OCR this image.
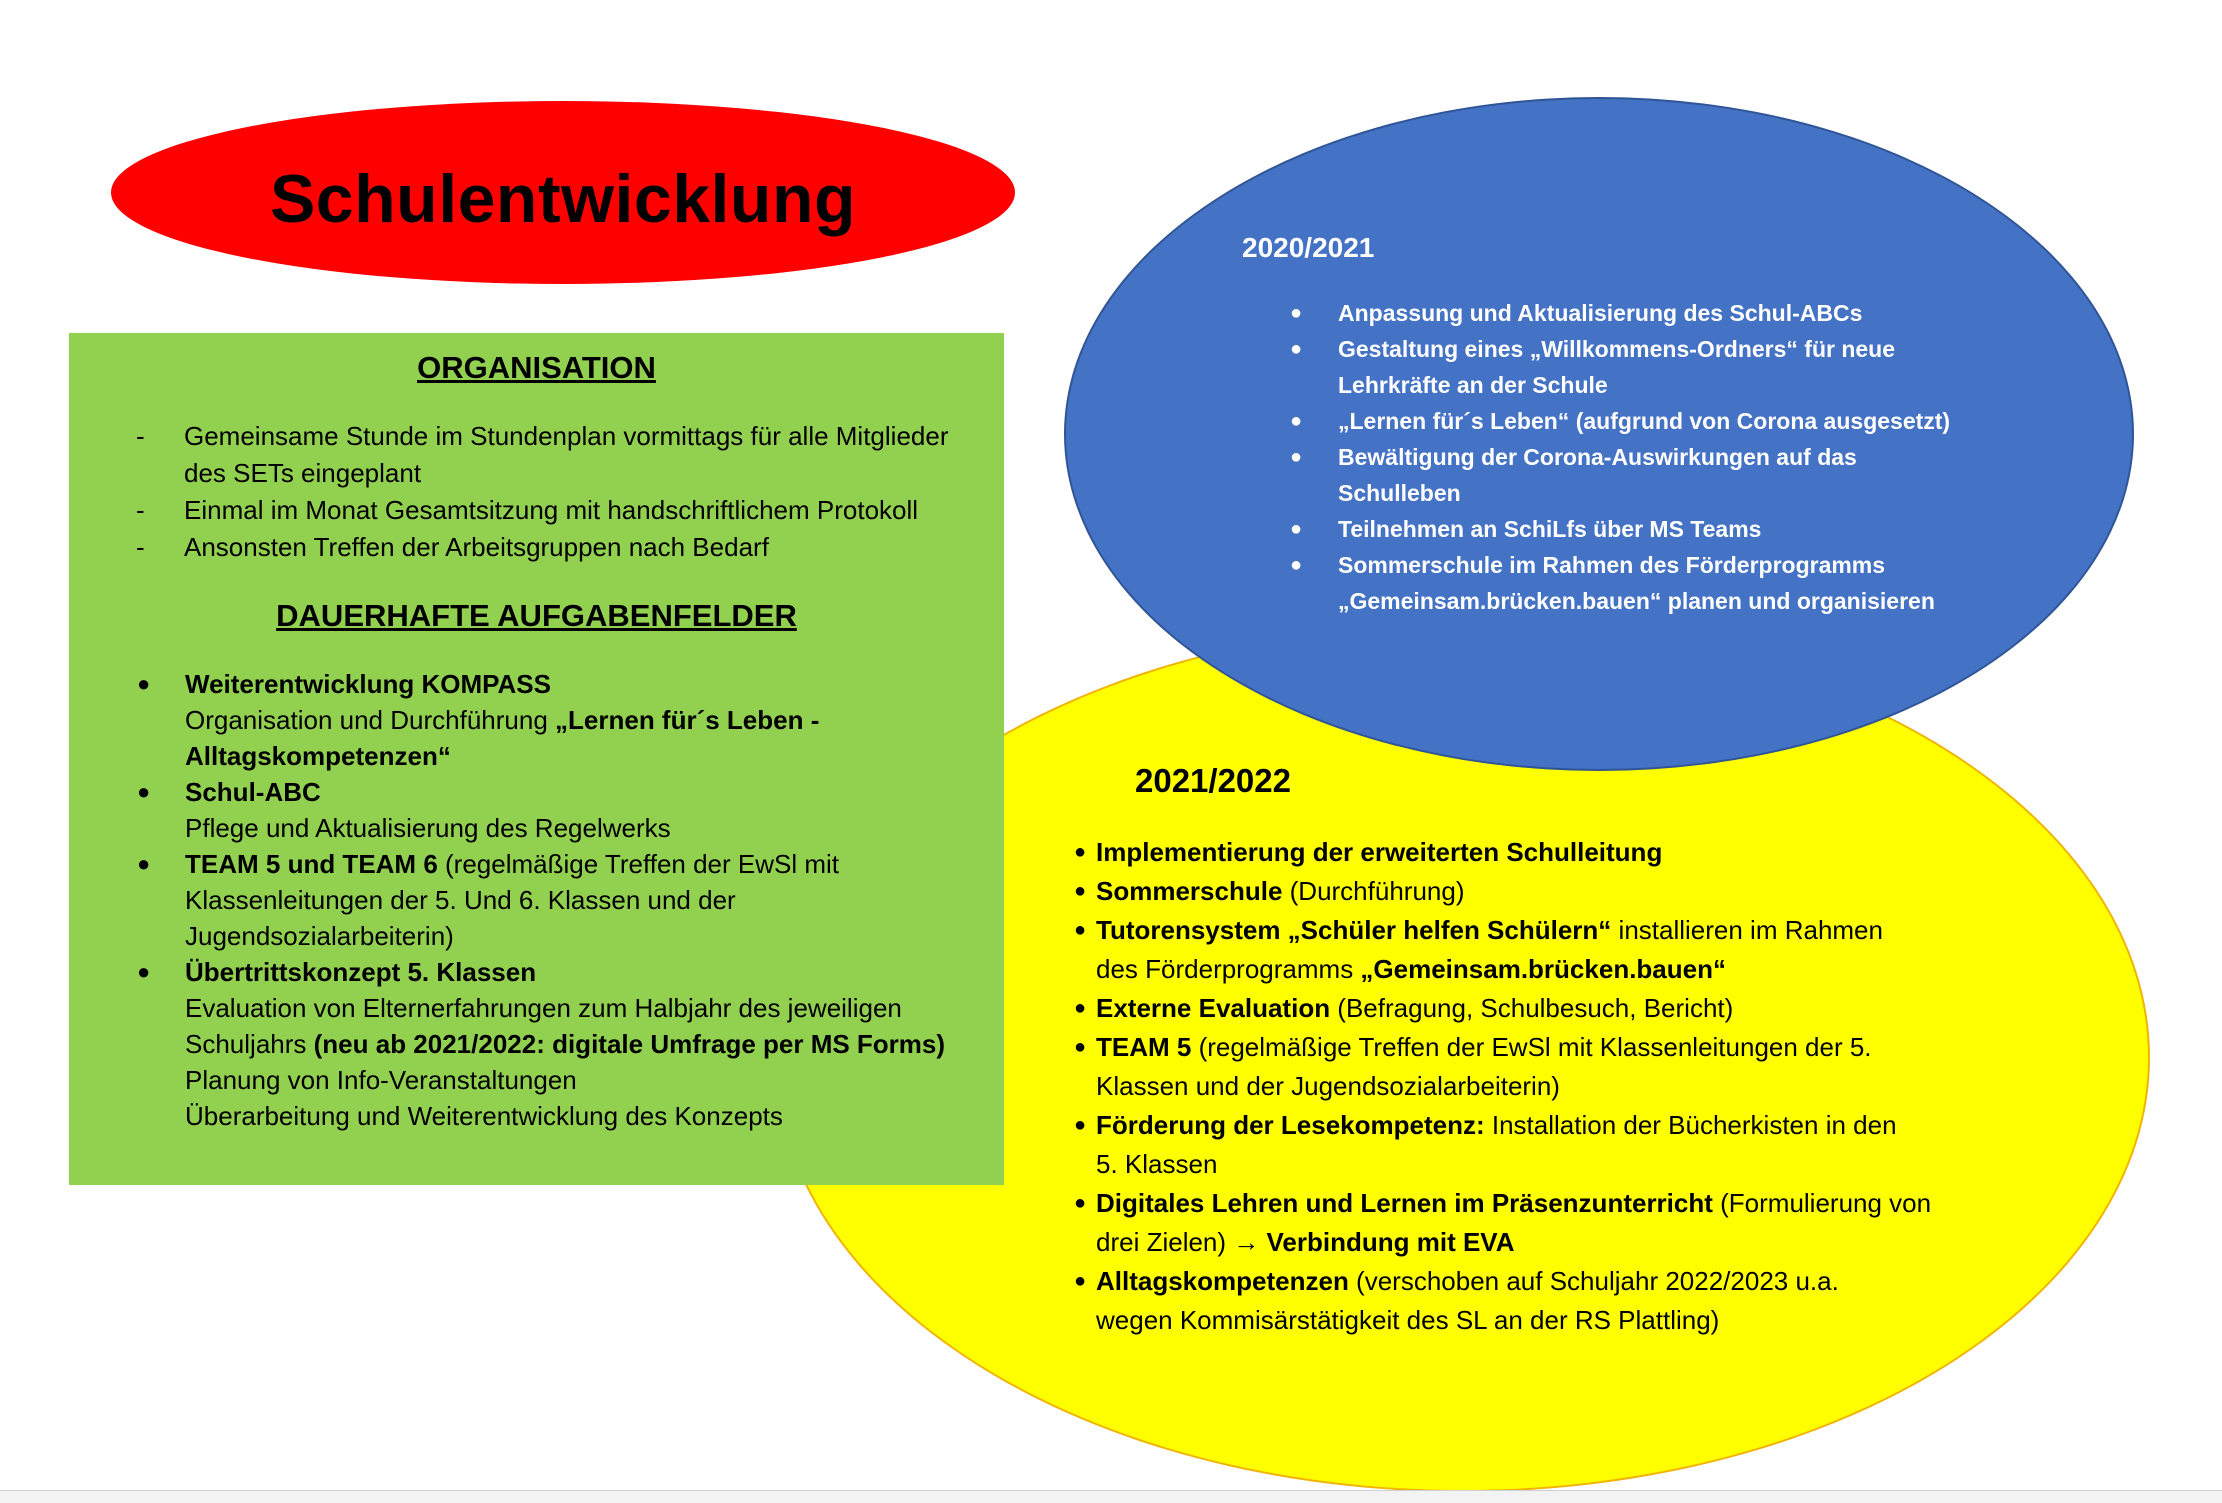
Schulentwicklung
ORGANISATION
- Gemeinsame Stunde im Stundenplan vormittags für alle Mitglieder
des SETs eingeplant
- Einmal im Monat Gesamtsitzung mit handschriftlichem Protokoll
- Ansonsten Treffen der Arbeitsgruppen nach Bedarf
DAUERHAFTE AUFGABENFELDER
● Weiterentwicklung KOMPASS
Organisation und Durchführung „Lernen für´s Leben -
Alltagskompetenzen“
● Schul-ABC
Pflege und Aktualisierung des Regelwerks
● TEAM 5 und TEAM 6 (regelmäßige Treffen der EwSl mit
Klassenleitungen der 5. Und 6. Klassen und der
Jugendsozialarbeiterin)
● Übertrittskonzept 5. Klassen
Evaluation von Elternerfahrungen zum Halbjahr des jeweiligen
Schuljahrs (neu ab 2021/2022: digitale Umfrage per MS Forms)
Planung von Info-Veranstaltungen
Überarbeitung und Weiterentwicklung des Konzepts
2020/2021
● Anpassung und Aktualisierung des Schul-ABCs
● Gestaltung eines „Willkommens-Ordners“ für neue
Lehrkräfte an der Schule
● „Lernen für´s Leben“ (aufgrund von Corona ausgesetzt)
● Bewältigung der Corona-Auswirkungen auf das
Schulleben
● Teilnehmen an SchiLfs über MS Teams
● Sommerschule im Rahmen des Förderprogramms
„Gemeinsam.brücken.bauen“ planen und organisieren
2021/2022
● Implementierung der erweiterten Schulleitung
● Sommerschule (Durchführung)
● Tutorensystem „Schüler helfen Schülern“ installieren im Rahmen
des Förderprogramms „Gemeinsam.brücken.bauen“
● Externe Evaluation (Befragung, Schulbesuch, Bericht)
● TEAM 5 (regelmäßige Treffen der EwSl mit Klassenleitungen der 5.
Klassen und der Jugendsozialarbeiterin)
● Förderung der Lesekompetenz: Installation der Bücherkisten in den
5. Klassen
● Digitales Lehren und Lernen im Präsenzunterricht (Formulierung von
drei Zielen) → Verbindung mit EVA
● Alltagskompetenzen (verschoben auf Schuljahr 2022/2023 u.a.
wegen Kommisärstätigkeit des SL an der RS Plattling)
